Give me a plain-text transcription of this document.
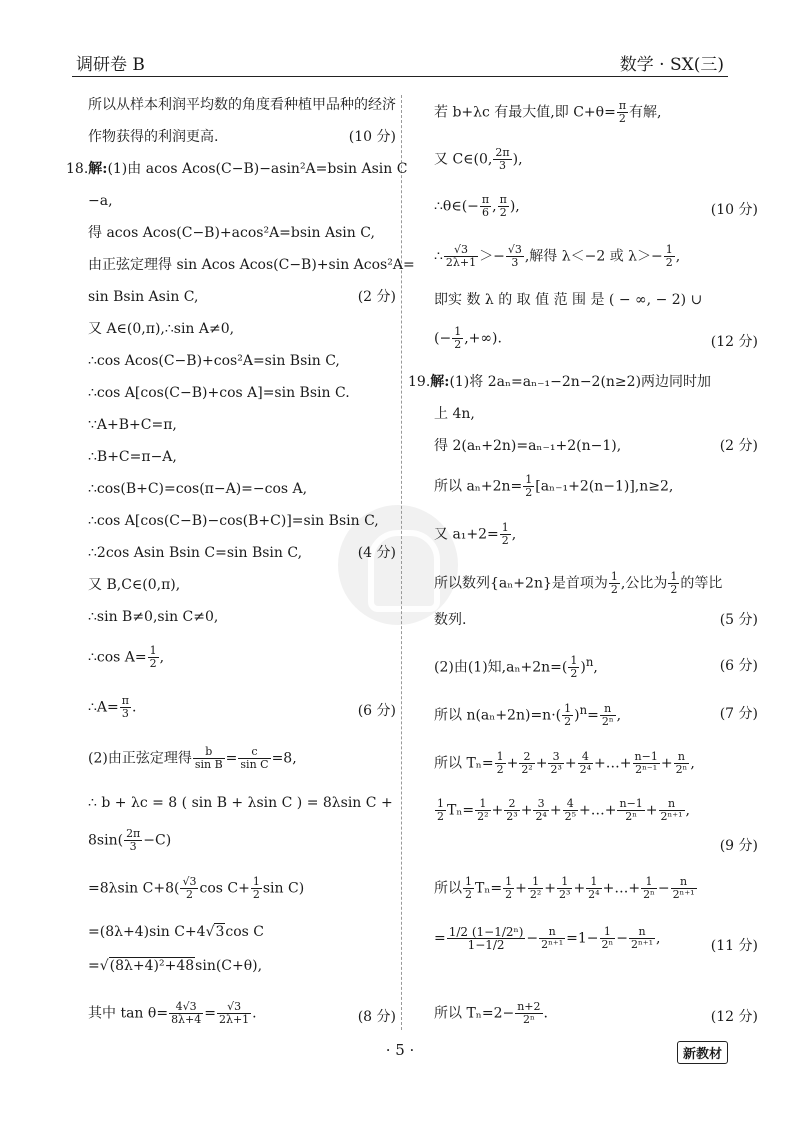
调研卷 B	数学 · SX(三)
所以从样本利润平均数的角度看种植甲品种的经济
作物获得的利润更高.	(10 分)
18.解:(1)由 acos Acos(C−B)−asin²A=bsin Asin C
−a,
得 acos Acos(C−B)+acos²A=bsin Asin C,
由正弦定理得 sin Acos Acos(C−B)+sin Acos²A=
sin Bsin Asin C,	(2 分)
又 A∈(0,π),∴sin A≠0,
∴cos Acos(C−B)+cos²A=sin Bsin C,
∴cos A[cos(C−B)+cos A]=sin Bsin C.
∵A+B+C=π,
∴B+C=π−A,
∴cos(B+C)=cos(π−A)=−cos A,
∴cos A[cos(C−B)−cos(B+C)]=sin Bsin C,
∴2cos Asin Bsin C=sin Bsin C,	(4 分)
又 B,C∈(0,π),
∴sin B≠0,sin C≠0,
∴cos $A= \frac{1}{2}$ ,
∴A= $\frac{\pi}{3}$ .	(6 分)
(2)由正弦定理得 $\frac{b}{\text{sin B}} = \frac{c}{\text{sin C}} =8$,
∴ b + λc = 8 ( sin B + λsin C ) = 8λsin C +
$8\sin( \frac{2\pi}{3} -C)$
=8λsin $C+8( \frac{√3}{2}$ $\cos C+ \frac{1}{2}$ sin C)
=(8λ+4)sin C+4√3cos C
=√(8λ+4)²+48sin(C+θ),
其中 $\tan \theta= \frac{4√3}{8\lambda+4} = \frac{√3}{2\lambda+1}$ .	(8 分)
若 b+λc 有最大值,即 $C+\theta= \frac{\pi}{2}$ 有解,
又 C∈(0, $\frac{2\pi}{3}$ ),
∴θ∈(− $\frac{\pi}{6}$ , $\frac{\pi}{2}$ ),	(10 分)
∴ $\frac{√3}{2\lambda+1} >- \frac{√3}{3}$ ,解得 λ＜−2 或 $\lambda>- \frac{1}{2}$ ,
即实 数 λ 的 取 值 范 围 是 ( − ∞, − 2) ∪
(− $\frac{1}{2}$ ,+∞).	(12 分)
19.解:(1)将 2aₙ=aₙ₋₁−2n−2(n≥2)两边同时加
上 4n,
得 2(aₙ+2n)=aₙ₋₁+2(n−1),	(2 分)
所以 $a_n+2n= \frac{1}{2} [a_{n-1}+2(n-1)],n\ge 2$,
又 $a_1+2= \frac{1}{2}$ ,
所以数列{aₙ+2n}是首项为 $\frac{1}{2}$ ,公比为 $\frac{1}{2}$ 的等比
数列.	(5 分)
(2)由(1)知$,a_n+2n=( \frac{1}{2} )^n$,	(6 分)
所以 $n(a_n+2n)=n\cdot( \frac{1}{2} )^n= \frac{n}{\text{2ⁿ}}$ ,	(7 分)
所以 $T_n= \frac{1}{2} + \frac{2}{\text{2²}} + \frac{3}{\text{2³}} + \frac{4}{\text{2⁴}}$ +…+ $\frac{n-1}{\text{2ⁿ⁻¹}} + \frac{n}{\text{2ⁿ}}$ ,
$\frac{1}{2} T_n= \frac{1}{\text{2²}} + \frac{2}{\text{2³}} + \frac{3}{\text{2⁴}} + \frac{4}{\text{2⁵}}$ +…+ $\frac{n-1}{\text{2ⁿ}} + \frac{n}{\text{2ⁿ⁺¹}}$ ,
(9 分)
所以 $\frac{1}{2} T_n= \frac{1}{2} + \frac{1}{\text{2²}} + \frac{1}{\text{2³}} + \frac{1}{\text{2⁴}}$ +…+ $\frac{1}{\text{2ⁿ}} - \frac{n}{\text{2ⁿ⁺¹}}$
= $\frac{\text{1/2 (1−1/2ⁿ)}}{1-1/2} - \frac{n}{\text{2ⁿ⁺¹}} =1- \frac{1}{\text{2ⁿ}} - \frac{n}{\text{2ⁿ⁺¹}}$ ,	(11 分)
所以 $T_n=2- \frac{n+2}{\text{2ⁿ}}$ .	(12 分)
· 5 ·	新教材
